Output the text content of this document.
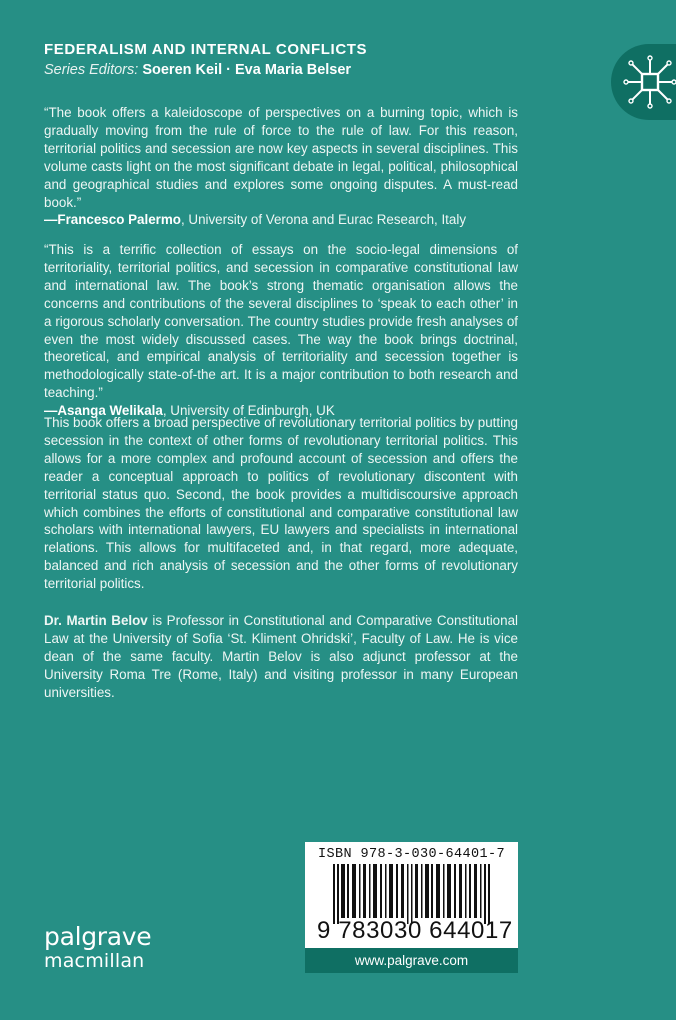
FEDERALISM AND INTERNAL CONFLICTS
Series Editors: Soeren Keil · Eva Maria Belser

“The book offers a kaleidoscope of perspectives on a burning topic, which is gradually moving from the rule of force to the rule of law. For this reason, territorial politics and secession are now key aspects in several disciplines. This volume casts light on the most significant debate in legal, political, philosophical and geographical studies and explores some ongoing disputes. A must-read book.”

—Francesco Palermo, University of Verona and Eurac Research, Italy

“This is a terrific collection of essays on the socio-legal dimensions of territoriality, territorial politics, and secession in comparative constitutional law and international law. The book’s strong thematic organisation allows the concerns and contributions of the several disciplines to ‘speak to each other’ in a rigorous scholarly conversation. The country studies provide fresh analyses of even the most widely discussed cases. The way the book brings doctrinal, theoretical, and empirical analysis of territoriality and secession together is methodologically state-of-the art. It is a major contribution to both research and teaching.”

—Asanga Welikala, University of Edinburgh, UK

This book offers a broad perspective of revolutionary territorial politics by putting secession in the context of other forms of revolutionary territorial politics. This allows for a more complex and profound account of secession and offers the reader a conceptual approach to politics of revolutionary discontent with territorial status quo. Second, the book provides a multidiscoursive approach which combines the efforts of constitutional and comparative constitutional law scholars with international lawyers, EU lawyers and specialists in international relations. This allows for multifaceted and, in that regard, more adequate, balanced and rich analysis of secession and the other forms of revolutionary territorial politics.

Dr. Martin Belov is Professor in Constitutional and Comparative Constitutional Law at the University of Sofia ‘St. Kliment Ohridski’, Faculty of Law. He is vice dean of the same faculty. Martin Belov is also adjunct professor at the University Roma Tre (Rome, Italy) and visiting professor in many European universities.

ISBN 978-3-030-64401-7
9 783030 644017
www.palgrave.com
palgrave
macmillan
